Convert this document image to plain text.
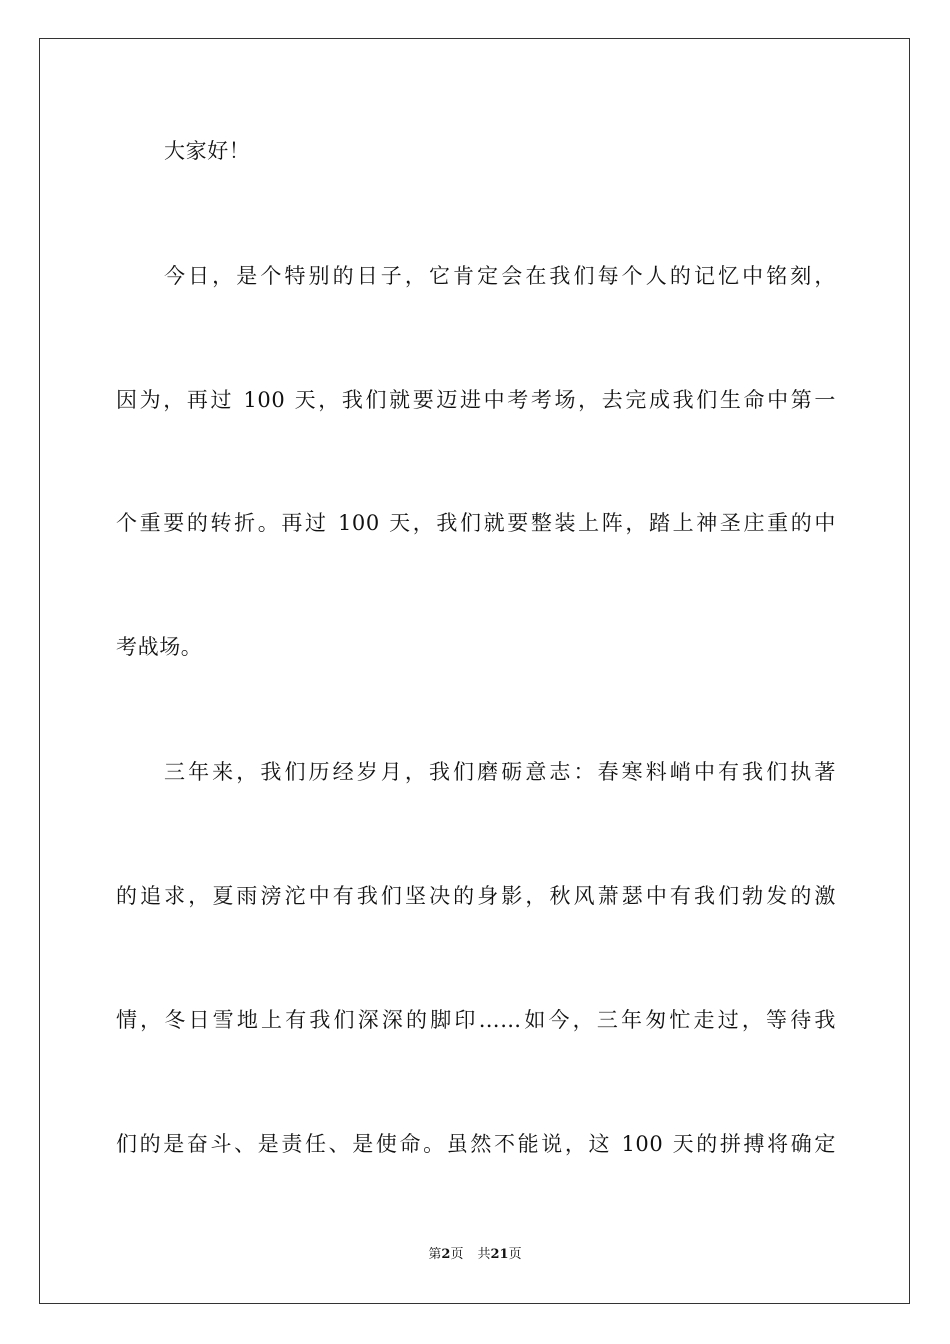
大家好！
今日，是个特别的日子，它肯定会在我们每个人的记忆中铭刻，
因为，再过 100 天，我们就要迈进中考考场，去完成我们生命中第一
个重要的转折。再过 100 天，我们就要整装上阵，踏上神圣庄重的中
考战场。
三年来，我们历经岁月，我们磨砺意志：春寒料峭中有我们执著
的追求，夏雨滂沱中有我们坚决的身影，秋风萧瑟中有我们勃发的激
情，冬日雪地上有我们深深的脚印……如今，三年匆忙走过，等待我
们的是奋斗、是责任、是使命。虽然不能说，这 100 天的拼搏将确定
第2页 共21页
